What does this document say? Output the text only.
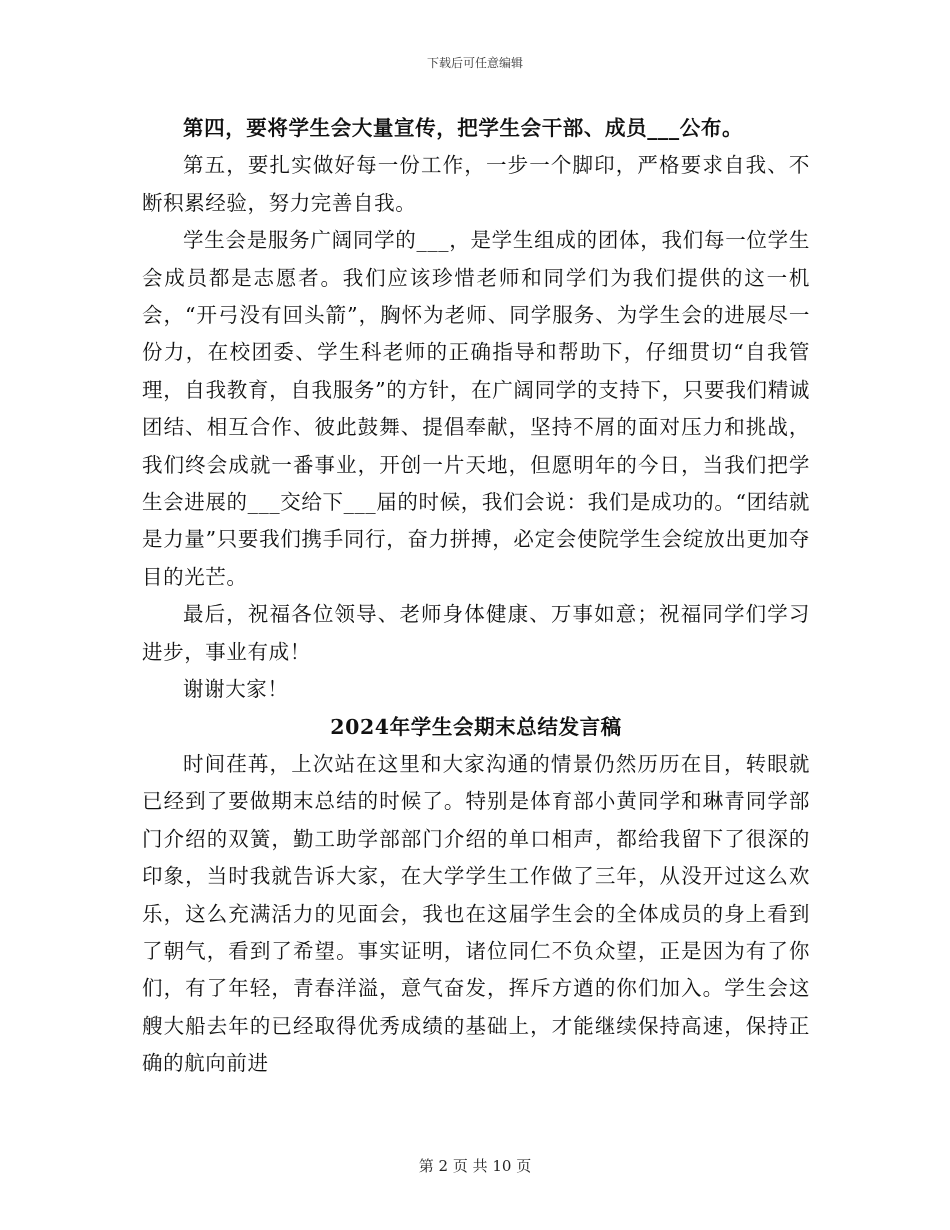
下载后可任意编辑

第四，要将学生会大量宣传，把学生会干部、成员___公布。

第五，要扎实做好每一份工作，一步一个脚印，严格要求自我、不断积累经验，努力完善自我。

学生会是服务广阔同学的___，是学生组成的团体，我们每一位学生会成员都是志愿者。我们应该珍惜老师和同学们为我们提供的这一机会，“开弓没有回头箭”，胸怀为老师、同学服务、为学生会的进展尽一份力，在校团委、学生科老师的正确指导和帮助下，仔细贯切“自我管理，自我教育，自我服务”的方针，在广阔同学的支持下，只要我们精诚团结、相互合作、彼此鼓舞、提倡奉献，坚持不屑的面对压力和挑战，我们终会成就一番事业，开创一片天地，但愿明年的今日，当我们把学生会进展的___交给下___届的时候，我们会说：我们是成功的。“团结就是力量”只要我们携手同行，奋力拼搏，必定会使院学生会绽放出更加夺目的光芒。

最后，祝福各位领导、老师身体健康、万事如意；祝福同学们学习进步，事业有成！

谢谢大家！

2024年学生会期末总结发言稿

时间荏苒，上次站在这里和大家沟通的情景仍然历历在目，转眼就已经到了要做期末总结的时候了。特别是体育部小黄同学和琳青同学部门介绍的双簧，勤工助学部部门介绍的单口相声，都给我留下了很深的印象，当时我就告诉大家，在大学学生工作做了三年，从没开过这么欢乐，这么充满活力的见面会，我也在这届学生会的全体成员的身上看到了朝气，看到了希望。事实证明，诸位同仁不负众望，正是因为有了你们，有了年轻，青春洋溢，意气奋发，挥斥方遒的你们加入。学生会这艘大船去年的已经取得优秀成绩的基础上，才能继续保持高速，保持正确的航向前进

第 2 页 共 10 页
